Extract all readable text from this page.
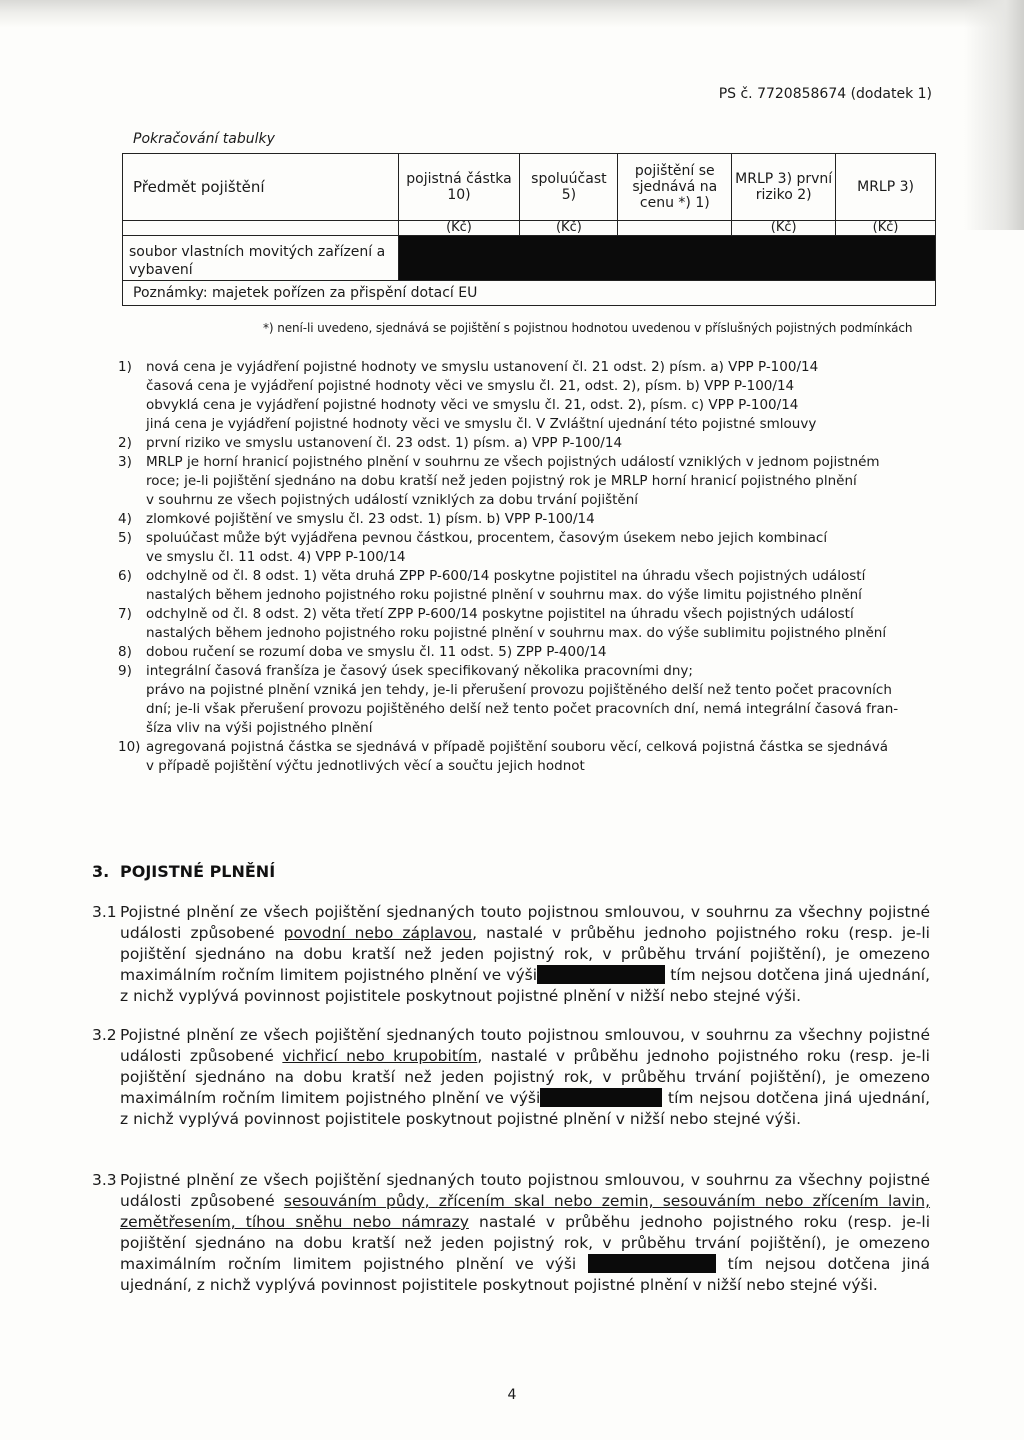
PS č. 7720858674 (dodatek 1)
Pokračování tabulky
Předmět pojištění	pojistná částka 10)	spoluúčast 5)	pojištění se sjednává na cenu *) 1)	MRLP 3) první riziko 2)	MRLP 3)
	(Kč)	(Kč)		(Kč)	(Kč)
soubor vlastních movitých zařízení a vybavení					
Poznámky: majetek pořízen za přispění dotací EU					
*) není-li uvedeno, sjednává se pojištění s pojistnou hodnotou uvedenou v příslušných pojistných podmínkách
1)	nová cena je vyjádření pojistné hodnoty ve smyslu ustanovení čl. 21 odst. 2) písm. a) VPP P-100/14
časová cena je vyjádření pojistné hodnoty věci ve smyslu čl. 21, odst. 2), písm. b) VPP P-100/14
obvyklá cena je vyjádření pojistné hodnoty věci ve smyslu čl. 21, odst. 2), písm. c) VPP P-100/14
jiná cena je vyjádření pojistné hodnoty věci ve smyslu čl. V Zvláštní ujednání této pojistné smlouvy
2)	první riziko ve smyslu ustanovení čl. 23 odst. 1) písm. a) VPP P-100/14
3)	MRLP je horní hranicí pojistného plnění v souhrnu ze všech pojistných událostí vzniklých v jednom pojistném
roce; je-li pojištění sjednáno na dobu kratší než jeden pojistný rok je MRLP horní hranicí pojistného plnění
v souhrnu ze všech pojistných událostí vzniklých za dobu trvání pojištění
4)	zlomkové pojištění ve smyslu čl. 23 odst. 1) písm. b) VPP P-100/14
5)	spoluúčast může být vyjádřena pevnou částkou, procentem, časovým úsekem nebo jejich kombinací
ve smyslu čl. 11 odst. 4) VPP P-100/14
6)	odchylně od čl. 8 odst. 1) věta druhá ZPP P-600/14 poskytne pojistitel na úhradu všech pojistných událostí
nastalých během jednoho pojistného roku pojistné plnění v souhrnu max. do výše limitu pojistného plnění
7)	odchylně od čl. 8 odst. 2) věta třetí ZPP P-600/14 poskytne pojistitel na úhradu všech pojistných událostí
nastalých během jednoho pojistného roku pojistné plnění v souhrnu max. do výše sublimitu pojistného plnění
8)	dobou ručení se rozumí doba ve smyslu čl. 11 odst. 5) ZPP P-400/14
9)	integrální časová franšíza je časový úsek specifikovaný několika pracovními dny;
právo na pojistné plnění vzniká jen tehdy, je-li přerušení provozu pojištěného delší než tento počet pracovních
dní; je-li však přerušení provozu pojištěného delší než tento počet pracovních dní, nemá integrální časová fran-
šíza vliv na výši pojistného plnění
10) agregovaná pojistná částka se sjednává v případě pojištění souboru věcí, celková pojistná částka se sjednává
v případě pojištění výčtu jednotlivých věcí a součtu jejich hodnot
3. POJISTNÉ PLNĚNÍ
3.1 Pojistné plnění ze všech pojištění sjednaných touto pojistnou smlouvou, v souhrnu za všechny pojistné události způsobené povodní nebo záplavou, nastalé v průběhu jednoho pojistného roku (resp. je-li pojištění sjednáno na dobu kratší než jeden pojistný rok, v průběhu trvání pojištění), je omezeno maximálním ročním limitem pojistného plnění ve výši	tím nejsou dotčena jiná ujednání, z nichž vyplývá povinnost pojistitele poskytnout pojistné plnění v nižší nebo stejné výši.
3.2 Pojistné plnění ze všech pojištění sjednaných touto pojistnou smlouvou, v souhrnu za všechny pojistné události způsobené vichřicí nebo krupobitím, nastalé v průběhu jednoho pojistného roku (resp. je-li pojištění sjednáno na dobu kratší než jeden pojistný rok, v průběhu trvání pojištění), je omezeno maximálním ročním limitem pojistného plnění ve výši	tím nejsou dotčena jiná ujednání, z nichž vyplývá povinnost pojistitele poskytnout pojistné plnění v nižší nebo stejné výši.
3.3 Pojistné plnění ze všech pojištění sjednaných touto pojistnou smlouvou, v souhrnu za všechny pojistné události způsobené sesouváním půdy, zřícením skal nebo zemin, sesouváním nebo zřícením lavin, zemětřesením, tíhou sněhu nebo námrazy nastalé v průběhu jednoho pojistného roku (resp. je-li pojištění sjednáno na dobu kratší než jeden pojistný rok, v průběhu trvání pojištění), je omezeno maximálním ročním limitem pojistného plnění ve výši	tím nejsou dotčena jiná ujednání, z nichž vyplývá povinnost pojistitele poskytnout pojistné plnění v nižší nebo stejné výši.
4
